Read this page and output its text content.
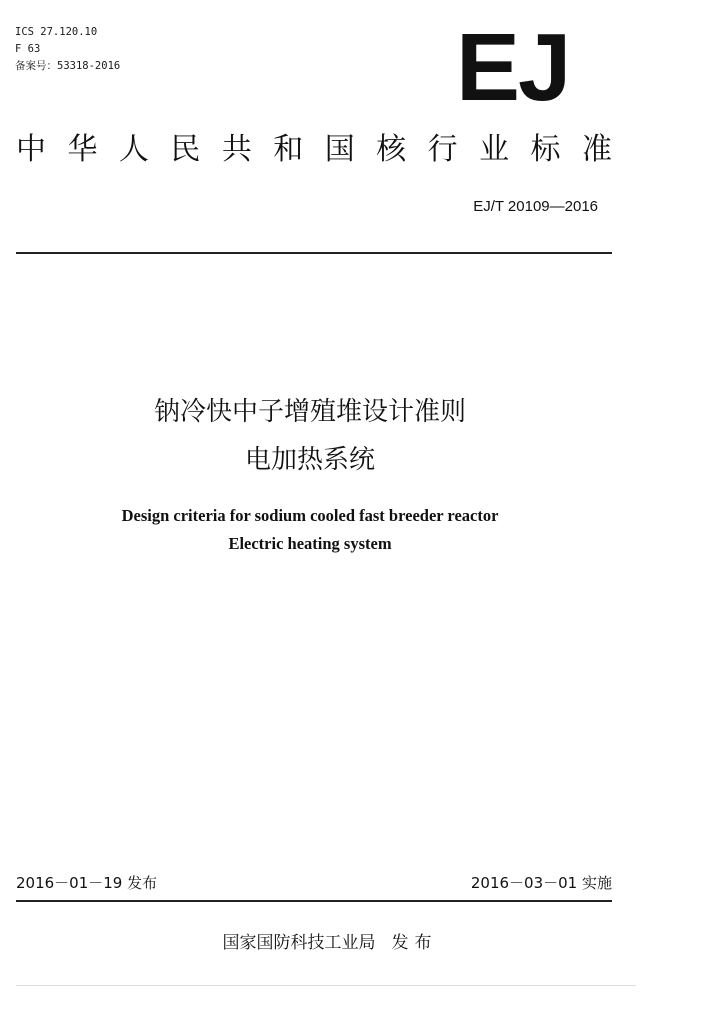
ICS 27.120.10
F 63
备案号：53318-2016	EJ
中 华 人 民 共 和 国 核 行 业 标 准
EJ/T 20109—2016
钠冷快中子增殖堆设计准则
电加热系统
Design criteria for sodium cooled fast breeder reactor
Electric heating system
2016－01－19 发布	2016－03－01 实施
国家国防科技工业局 发布
